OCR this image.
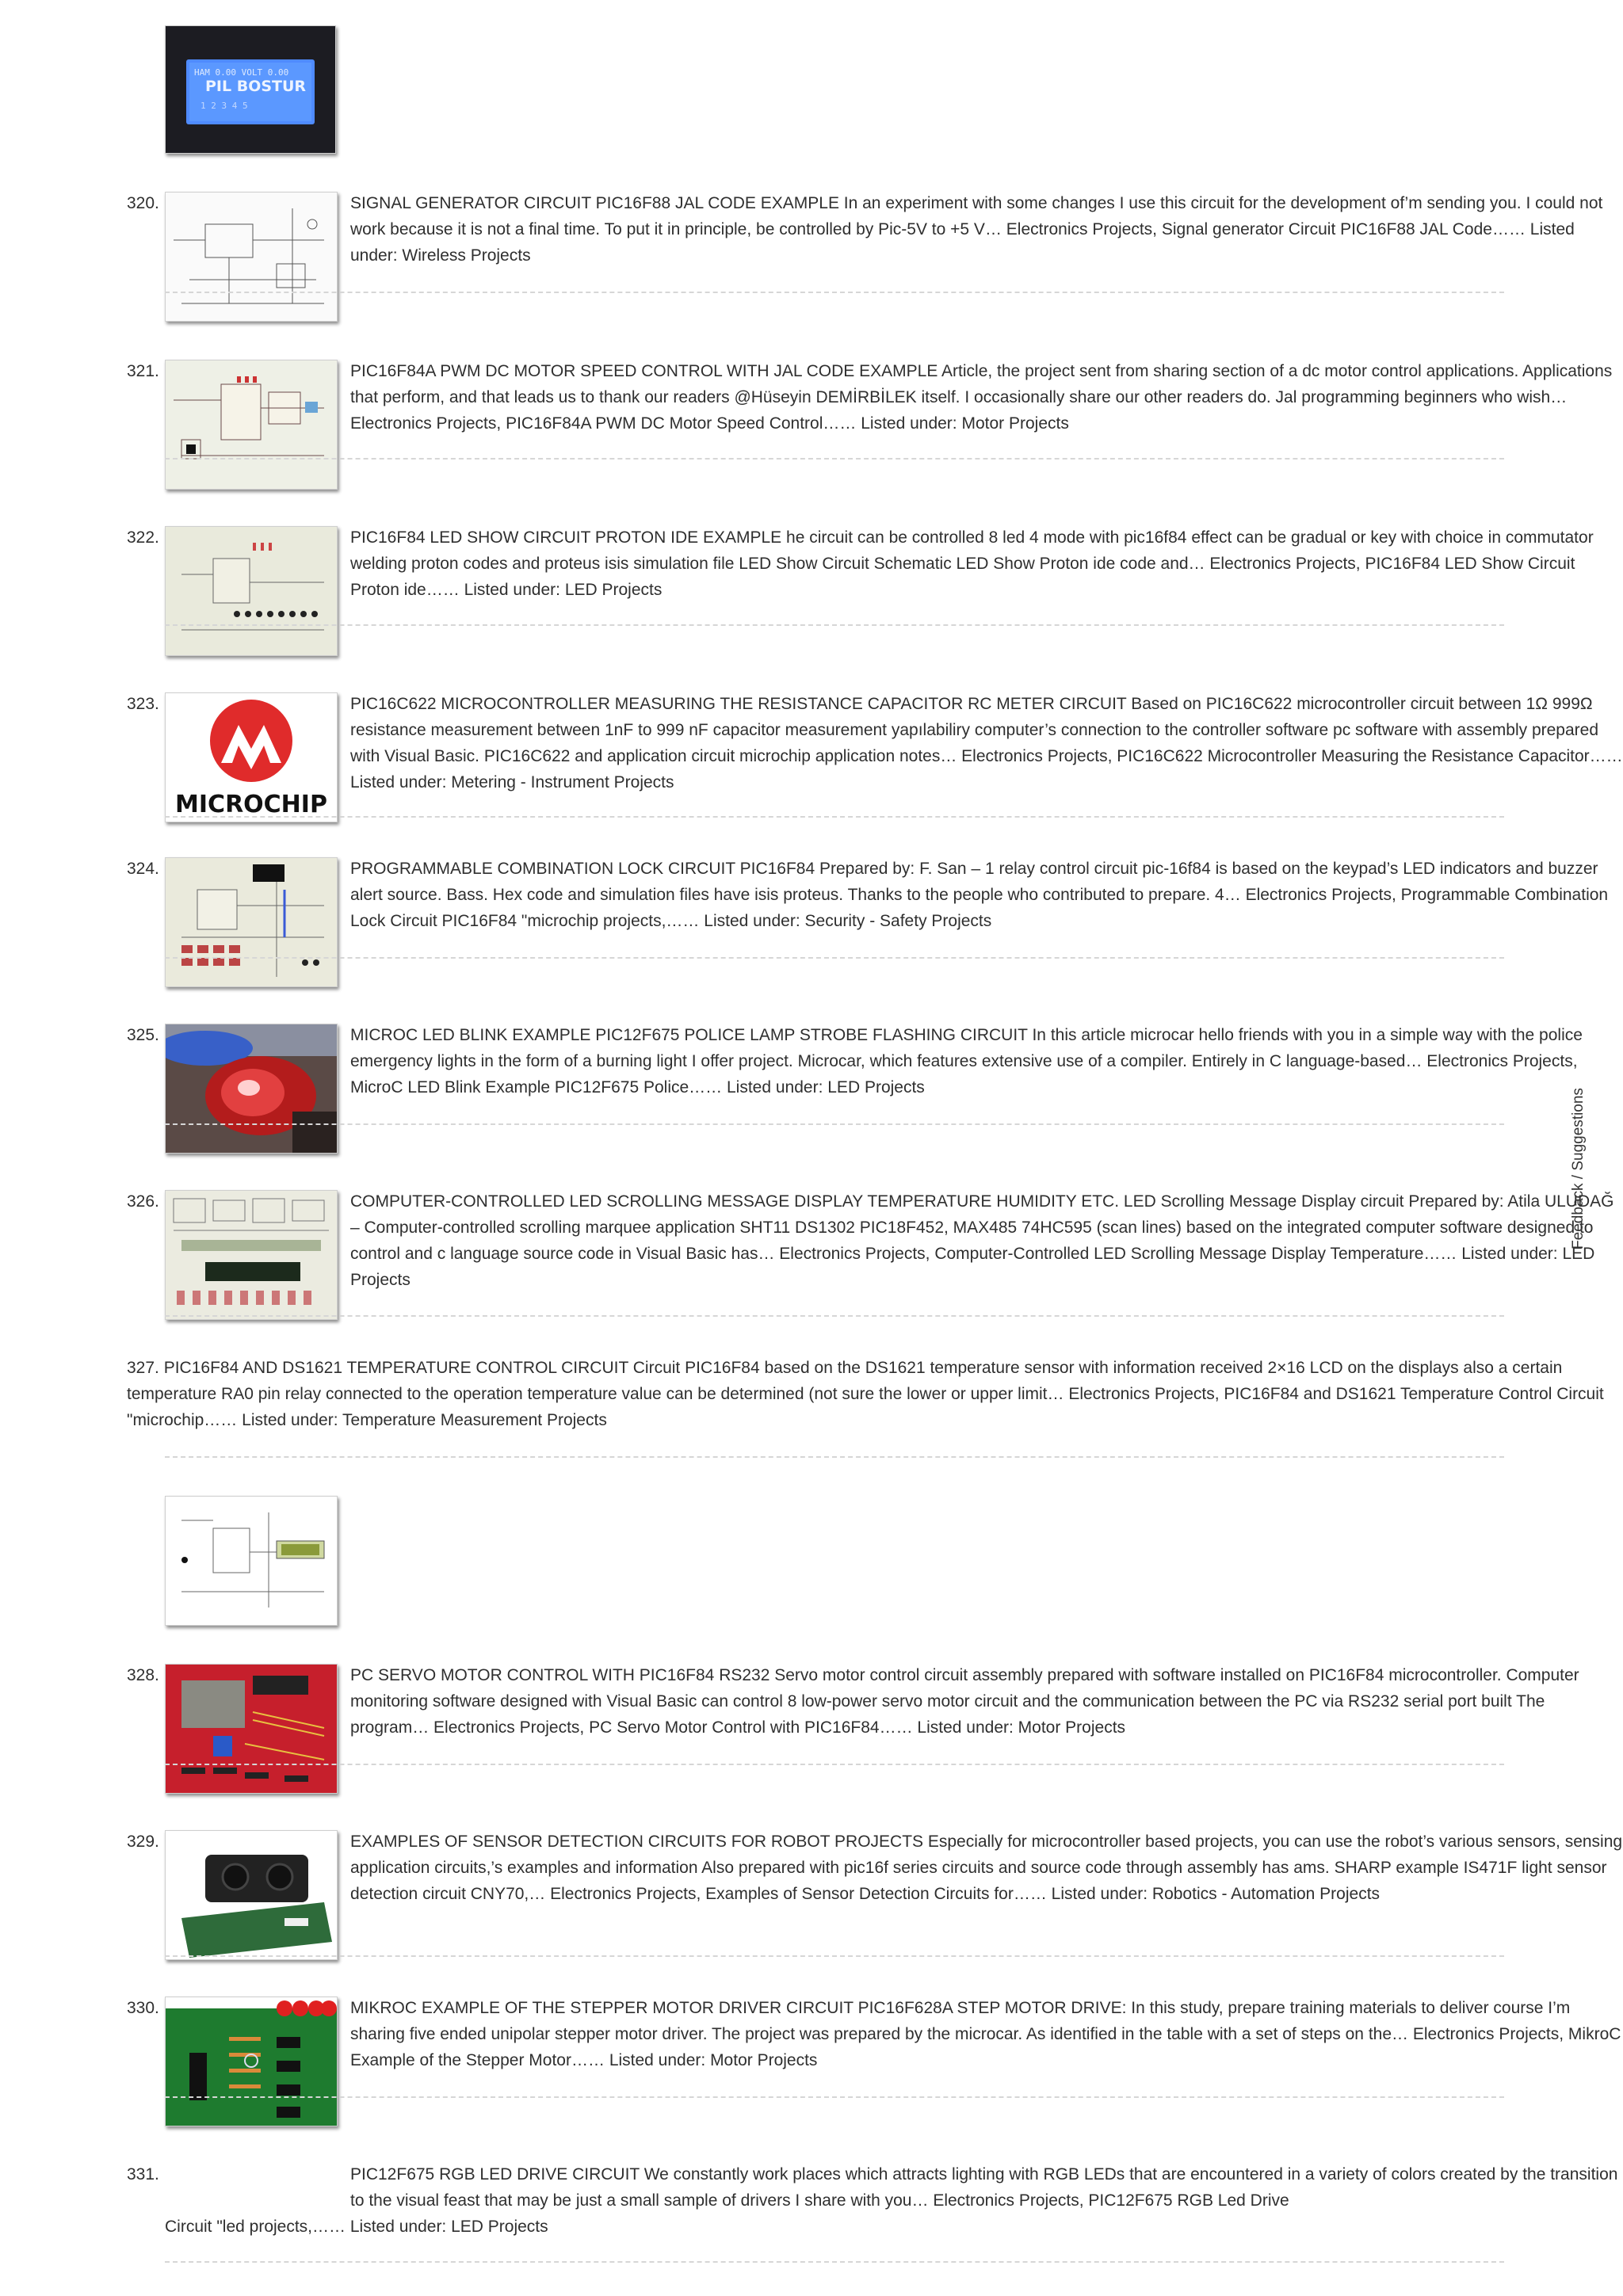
HAM 0.00 VOLT 0.00
PIL BOSTUR
1 2 3 4 5
320.	SIGNAL GENERATOR CIRCUIT PIC16F88 JAL CODE EXAMPLE In an experiment with some changes I use this circuit for the development of’m sending you. I could not work because it is not a final time. To put it in principle, be controlled by Pic-5V to +5 V… Electronics Projects, Signal generator Circuit PIC16F88 JAL Code…… Listed under: Wireless Projects

321.	PIC16F84A PWM DC MOTOR SPEED CONTROL WITH JAL CODE EXAMPLE Article, the project sent from sharing section of a dc motor control applications. Applications that perform, and that leads us to thank our readers @Hüseyin DEMİRBİLEK itself. I occasionally share our other readers do. Jal programming beginners who wish… Electronics Projects, PIC16F84A PWM DC Motor Speed Control…… Listed under: Motor Projects

322.	PIC16F84 LED SHOW CIRCUIT PROTON IDE EXAMPLE he circuit can be controlled 8 led 4 mode with pic16f84 effect can be gradual or key with choice in commutator welding proton codes and proteus isis simulation file LED Show Circuit Schematic LED Show Proton ide code and… Electronics Projects, PIC16F84 LED Show Circuit Proton ide…… Listed under: LED Projects

323.
MICROCHIP

PIC16C622 MICROCONTROLLER MEASURING THE RESISTANCE CAPACITOR RC METER CIRCUIT Based on PIC16C622 microcontroller circuit between 1Ω 999Ω resistance measurement between 1nF to 999 nF capacitor measurement yapılabiliry computer’s connection to the controller software pc software with assembly prepared with Visual Basic. PIC16C622 and application circuit microchip application notes… Electronics Projects, PIC16C622 Microcontroller Measuring the Resistance Capacitor…… Listed under: Metering - Instrument Projects

324.	PROGRAMMABLE COMBINATION LOCK CIRCUIT PIC16F84 Prepared by: F. San – 1 relay control circuit pic-16f84 is based on the keypad’s LED indicators and buzzer alert source. Bass. Hex code and simulation files have isis proteus. Thanks to the people who contributed to prepare. 4… Electronics Projects, Programmable Combination Lock Circuit PIC16F84 "microchip projects,…… Listed under: Security - Safety Projects

325.	MICROC LED BLINK EXAMPLE PIC12F675 POLICE LAMP STROBE FLASHING CIRCUIT In this article microcar hello friends with you in a simple way with the police emergency lights in the form of a burning light I offer project. Microcar, which features extensive use of a compiler. Entirely in C language-based… Electronics Projects, MicroC LED Blink Example PIC12F675 Police…… Listed under: LED Projects

326.	COMPUTER-CONTROLLED LED SCROLLING MESSAGE DISPLAY TEMPERATURE HUMIDITY ETC. LED Scrolling Message Display circuit Prepared by: Atila ULUDAĞ – Computer-controlled scrolling marquee application SHT11 DS1302 PIC18F452, MAX485 74HC595 (scan lines) based on the integrated computer software designed to control and c language source code in Visual Basic has… Electronics Projects, Computer-Controlled LED Scrolling Message Display Temperature…… Listed under: LED Projects

327. PIC16F84 AND DS1621 TEMPERATURE CONTROL CIRCUIT Circuit PIC16F84 based on the DS1621 temperature sensor with information received 2×16 LCD on the displays also a certain temperature RA0 pin relay connected to the operation temperature value can be determined (not sure the lower or upper limit… Electronics Projects, PIC16F84 and DS1621 Temperature Control Circuit "microchip…… Listed under: Temperature Measurement Projects

328.	PC SERVO MOTOR CONTROL WITH PIC16F84 RS232 Servo motor control circuit assembly prepared with software installed on PIC16F84 microcontroller. Computer monitoring software designed with Visual Basic can control 8 low-power servo motor circuit and the communication between the PC via RS232 serial port built The program… Electronics Projects, PC Servo Motor Control with PIC16F84…… Listed under: Motor Projects

329.	EXAMPLES OF SENSOR DETECTION CIRCUITS FOR ROBOT PROJECTS Especially for microcontroller based projects, you can use the robot’s various sensors, sensing application circuits,’s examples and information Also prepared with pic16f series circuits and source code through assembly has ams. SHARP example IS471F light sensor detection circuit CNY70,… Electronics Projects, Examples of Sensor Detection Circuits for…… Listed under: Robotics - Automation Projects

330.	MIKROC EXAMPLE OF THE STEPPER MOTOR DRIVER CIRCUIT PIC16F628A STEP MOTOR DRIVE: In this study, prepare training materials to deliver course I’m sharing five ended unipolar stepper motor driver. The project was prepared by the microcar. As identified in the table with a set of steps on the… Electronics Projects, MikroC Example of the Stepper Motor…… Listed under: Motor Projects

331.	PIC12F675 RGB LED DRIVE CIRCUIT We constantly work places which attracts lighting with RGB LEDs that are encountered in a variety of colors created by the transition to the visual feast that may be just a small sample of drivers I share with you… Electronics Projects, PIC12F675 RGB Led Drive

Circuit "led projects,…… Listed under: LED Projects

Feedback / Suggestions
